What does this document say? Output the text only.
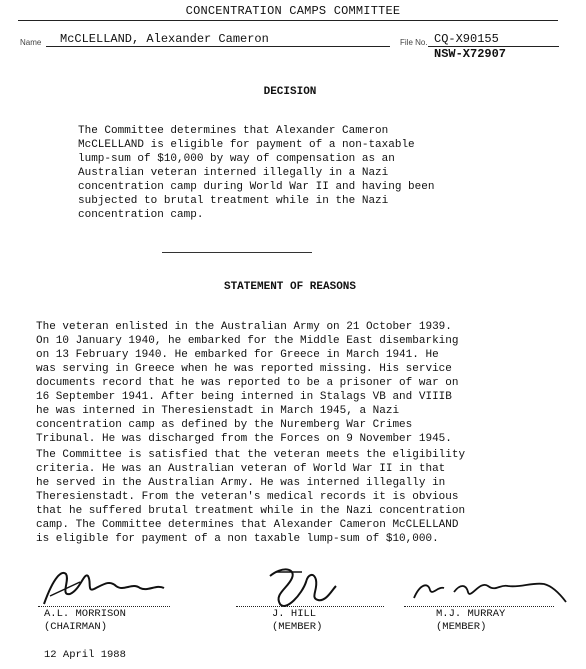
CONCENTRATION CAMPS COMMITTEE
Name	McCLELLAND, Alexander Cameron	File No. CQ-X90155
NSW-X72907
DECISION
The Committee determines that Alexander Cameron
McCLELLAND is eligible for payment of a non-taxable
lump-sum of $10,000 by way of compensation as an
Australian veteran interned illegally in a Nazi
concentration camp during World War II and having been
subjected to brutal treatment while in the Nazi
concentration camp.
STATEMENT OF REASONS
The veteran enlisted in the Australian Army on 21 October 1939.
On 10 January 1940, he embarked for the Middle East disembarking
on 13 February 1940. He embarked for Greece in March 1941. He
was serving in Greece when he was reported missing. His service
documents record that he was reported to be a prisoner of war on
16 September 1941. After being interned in Stalags VB and VIIIB
he was interned in Theresienstadt in March 1945, a Nazi
concentration camp as defined by the Nuremberg War Crimes
Tribunal. He was discharged from the Forces on 9 November 1945.
The Committee is satisfied that the veteran meets the eligibility
criteria. He was an Australian veteran of World War II in that
he served in the Australian Army. He was interned illegally in
Theresienstadt. From the veteran's medical records it is obvious
that he suffered brutal treatment while in the Nazi concentration
camp. The Committee determines that Alexander Cameron McCLELLAND
is eligible for payment of a non taxable lump-sum of $10,000.
A.L. MORRISON
(CHAIRMAN)
J. HILL
(MEMBER)
M.J. MURRAY
(MEMBER)
12 April 1988
